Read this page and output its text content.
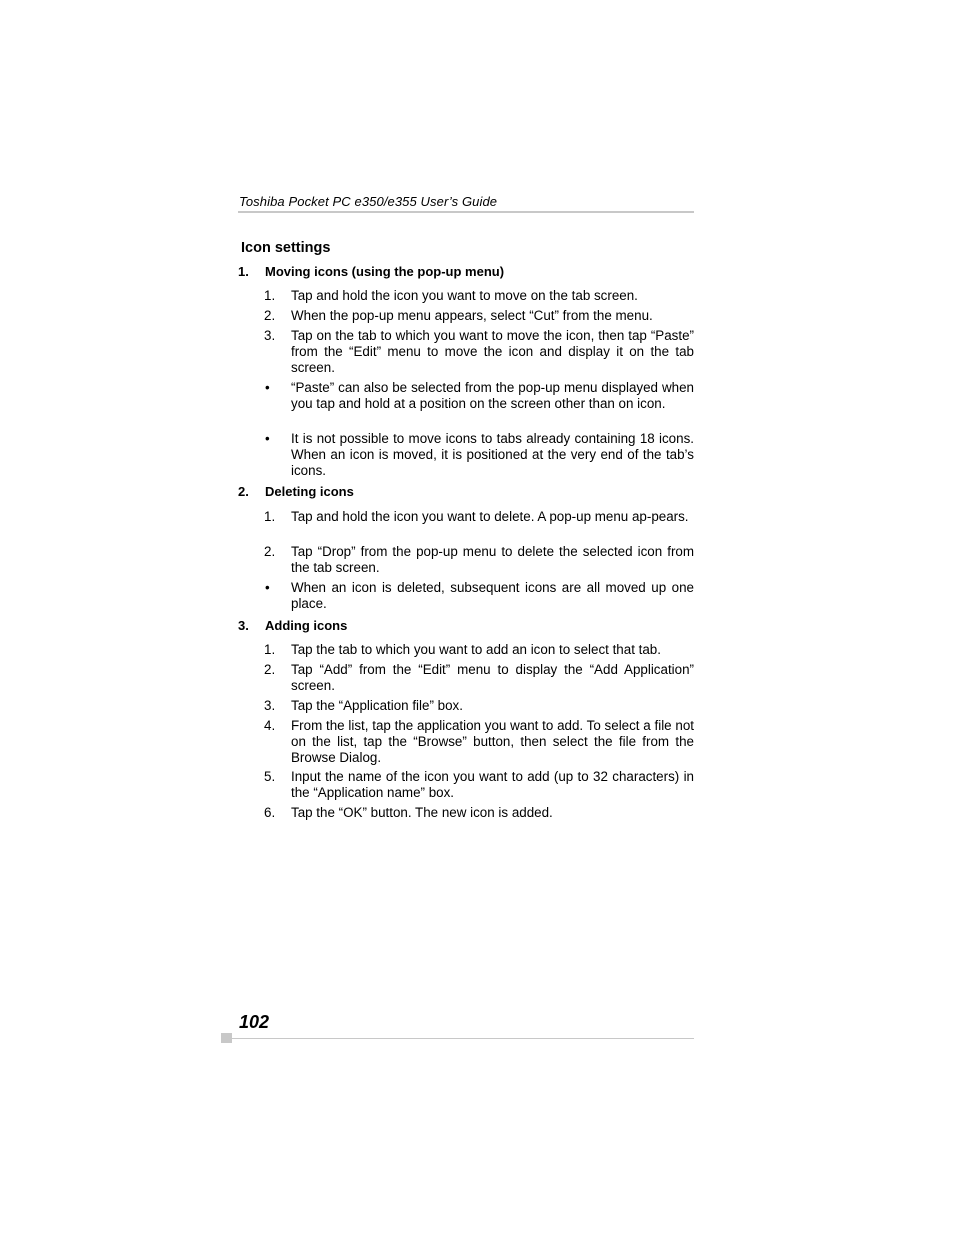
Toshiba Pocket PC e350/e355 User’s Guide
Icon settings
1. Moving icons (using the pop-up menu)
1. Tap and hold the icon you want to move on the tab screen.
2. When the pop-up menu appears, select “Cut” from the menu.
3. Tap on the tab to which you want to move the icon, then tap “Paste” from the “Edit” menu to move the icon and display it on the tab screen.
• “Paste” can also be selected from the pop-up menu displayed when you tap and hold at a position on the screen other than on icon.
• It is not possible to move icons to tabs already containing 18 icons. When an icon is moved, it is positioned at the very end of the tab’s icons.
2. Deleting icons
1. Tap and hold the icon you want to delete. A pop-up menu ap-pears.
2. Tap “Drop” from the pop-up menu to delete the selected icon from the tab screen.
• When an icon is deleted, subsequent icons are all moved up one place.
3. Adding icons
1. Tap the tab to which you want to add an icon to select that tab.
2. Tap “Add” from the “Edit” menu to display the “Add Application” screen.
3. Tap the “Application file” box.
4. From the list, tap the application you want to add. To select a file not on the list, tap the “Browse” button, then select the file from the Browse Dialog.
5. Input the name of the icon you want to add (up to 32 characters) in the “Application name” box.
6. Tap the “OK” button. The new icon is added.
102
